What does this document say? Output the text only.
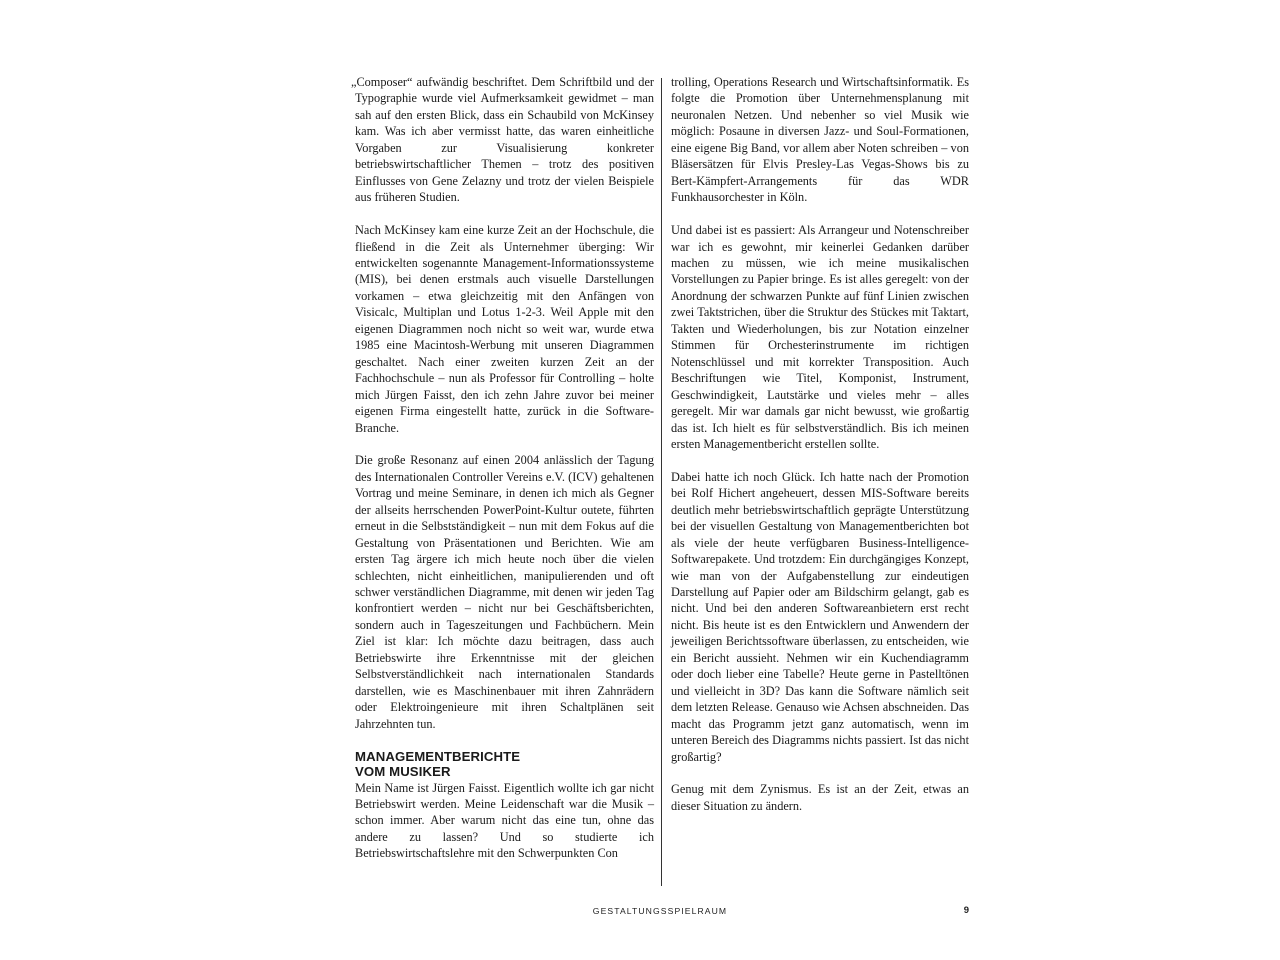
„Composer“ aufwändig beschriftet. Dem Schriftbild und der Typographie wurde viel Aufmerksamkeit gewidmet – man sah auf den ersten Blick, dass ein Schaubild von McKinsey kam. Was ich aber vermisst hatte, das waren einheitliche Vorgaben zur Visualisierung konkreter betriebswirtschaftlicher Themen – trotz des positiven Einflusses von Gene Zelazny und trotz der vielen Beispiele aus früheren Studien.

Nach McKinsey kam eine kurze Zeit an der Hochschule, die fließend in die Zeit als Unternehmer überging: Wir entwickelten sogenannte Management-Informationssysteme (MIS), bei denen erstmals auch visuelle Darstellungen vorkamen – etwa gleichzeitig mit den Anfängen von Visicalc, Multiplan und Lotus 1-2-3. Weil Apple mit den eigenen Diagrammen noch nicht so weit war, wurde etwa 1985 eine Macintosh-Werbung mit unseren Diagrammen geschaltet. Nach einer zweiten kurzen Zeit an der Fachhochschule – nun als Professor für Controlling – holte mich Jürgen Faisst, den ich zehn Jahre zuvor bei meiner eigenen Firma eingestellt hatte, zurück in die Software-Branche.

Die große Resonanz auf einen 2004 anlässlich der Tagung des Internationalen Controller Vereins e.V. (ICV) gehaltenen Vortrag und meine Seminare, in denen ich mich als Gegner der allseits herrschenden PowerPoint-Kultur outete, führten erneut in die Selbstständigkeit – nun mit dem Fokus auf die Gestaltung von Präsentationen und Berichten. Wie am ersten Tag ärgere ich mich heute noch über die vielen schlechten, nicht einheitlichen, manipulierenden und oft schwer verständlichen Diagramme, mit denen wir jeden Tag konfrontiert werden – nicht nur bei Geschäftsberichten, sondern auch in Tageszeitungen und Fachbüchern. Mein Ziel ist klar: Ich möchte dazu beitragen, dass auch Betriebswirte ihre Erkenntnisse mit der gleichen Selbstverständlichkeit nach internationalen Standards darstellen, wie es Maschinenbauer mit ihren Zahnrädern oder Elektroingenieure mit ihren Schaltplänen seit Jahrzehnten tun.

MANAGEMENTBERICHTE
VOM MUSIKER

Mein Name ist Jürgen Faisst. Eigentlich wollte ich gar nicht Betriebswirt werden. Meine Leidenschaft war die Musik – schon immer. Aber warum nicht das eine tun, ohne das andere zu lassen? Und so studierte ich Betriebswirtschaftslehre mit den Schwerpunkten Con

trolling, Operations Research und Wirtschaftsinformatik. Es folgte die Promotion über Unternehmensplanung mit neuronalen Netzen. Und nebenher so viel Musik wie möglich: Posaune in diversen Jazz- und Soul-Formationen, eine eigene Big Band, vor allem aber Noten schreiben – von Bläsersätzen für Elvis Presley-Las Vegas-Shows bis zu Bert-Kämpfert-Arrangements für das WDR Funkhausorchester in Köln.

Und dabei ist es passiert: Als Arrangeur und Notenschreiber war ich es gewohnt, mir keinerlei Gedanken darüber machen zu müssen, wie ich meine musikalischen Vorstellungen zu Papier bringe. Es ist alles geregelt: von der Anordnung der schwarzen Punkte auf fünf Linien zwischen zwei Taktstrichen, über die Struktur des Stückes mit Taktart, Takten und Wiederholungen, bis zur Notation einzelner Stimmen für Orchesterinstrumente im richtigen Notenschlüssel und mit korrekter Transposition. Auch Beschriftungen wie Titel, Komponist, Instrument, Geschwindigkeit, Lautstärke und vieles mehr – alles geregelt. Mir war damals gar nicht bewusst, wie großartig das ist. Ich hielt es für selbstverständlich. Bis ich meinen ersten Managementbericht erstellen sollte.

Dabei hatte ich noch Glück. Ich hatte nach der Promotion bei Rolf Hichert angeheuert, dessen MIS-Software bereits deutlich mehr betriebswirtschaftlich geprägte Unterstützung bei der visuellen Gestaltung von Managementberichten bot als viele der heute verfügbaren Business-Intelligence-Softwarepakete. Und trotzdem: Ein durchgängiges Konzept, wie man von der Aufgabenstellung zur eindeutigen Darstellung auf Papier oder am Bildschirm gelangt, gab es nicht. Und bei den anderen Softwareanbietern erst recht nicht. Bis heute ist es den Entwicklern und Anwendern der jeweiligen Berichtssoftware überlassen, zu entscheiden, wie ein Bericht aussieht. Nehmen wir ein Kuchendiagramm oder doch lieber eine Tabelle? Heute gerne in Pastelltönen und vielleicht in 3D? Das kann die Software nämlich seit dem letzten Release. Genauso wie Achsen abschneiden. Das macht das Programm jetzt ganz automatisch, wenn im unteren Bereich des Diagramms nichts passiert. Ist das nicht großartig?

Genug mit dem Zynismus. Es ist an der Zeit, etwas an dieser Situation zu ändern.

GESTALTUNGSSPIELRAUM	9
